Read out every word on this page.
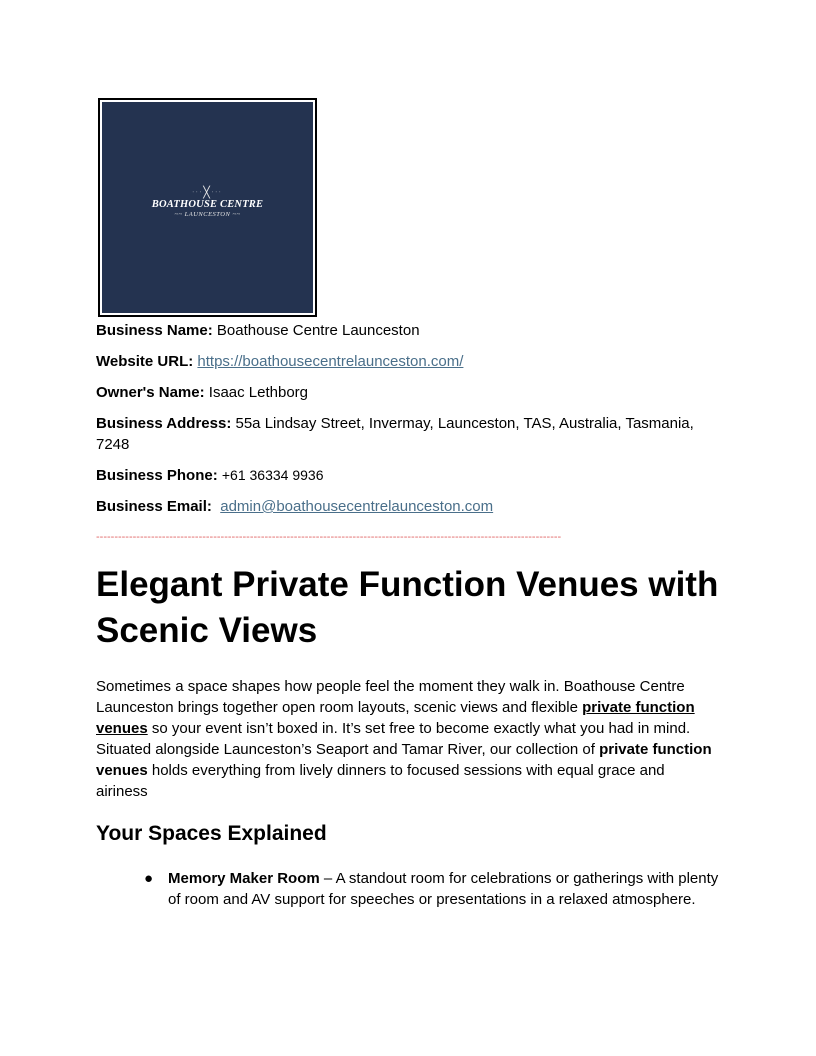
···╳···
BOATHOUSE CENTRE
~~ LAUNCESTON ~~

Business Name: Boathouse Centre Launceston

Website URL: https://boathousecentrelaunceston.com/

Owner's Name: Isaac Lethborg

Business Address: 55a Lindsay Street, Invermay, Launceston, TAS, Australia, Tasmania, 7248

Business Phone: +61 36334 9936

Business Email: admin@boathousecentrelaunceston.com

-------------------------------------------------------------------------------------------------------------------------------
Elegant Private Function Venues with Scenic Views

Sometimes a space shapes how people feel the moment they walk in. Boathouse Centre Launceston brings together open room layouts, scenic views and flexible private function venues so your event isn’t boxed in. It’s set free to become exactly what you had in mind. Situated alongside Launceston’s Seaport and Tamar River, our collection of private function venues holds everything from lively dinners to focused sessions with equal grace and airiness

Your Spaces Explained
● Memory Maker Room – A standout room for celebrations or gatherings with plenty of room and AV support for speeches or presentations in a relaxed atmosphere.
